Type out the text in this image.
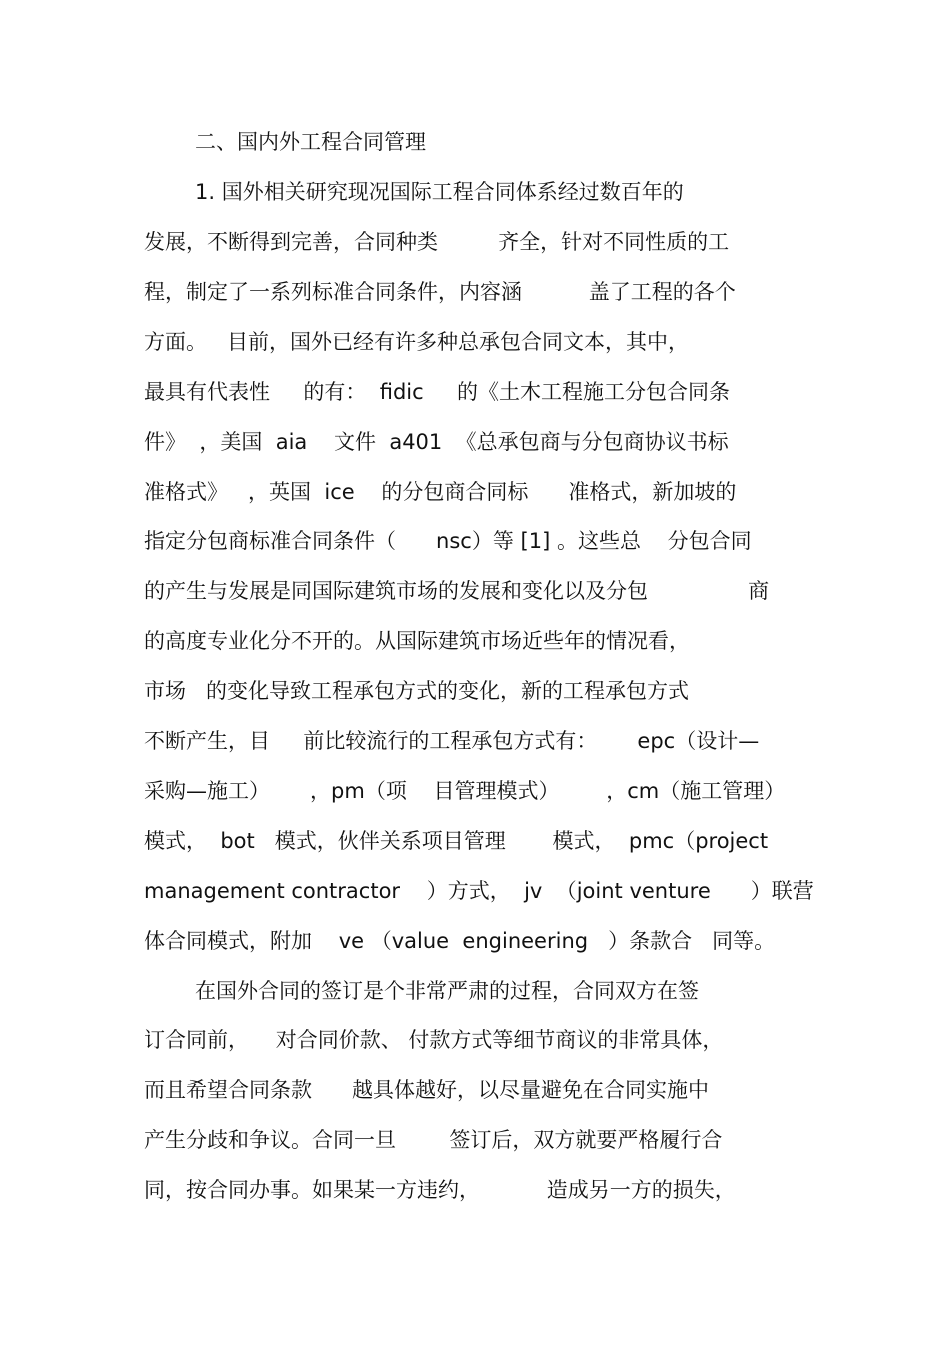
二、国内外工程合同管理
1. 国外相关研究现况国际工程合同体系经过数百年的
发展，不断得到完善，合同种类         齐全，针对不同性质的工
程，制定了一系列标准合同条件，内容涵          盖了工程的各个
方面。   目前，国外已经有许多种总承包合同文本，其中，
最具有代表性     的有：  fidic     的《土木工程施工分包合同条
件》  ，美国  aia    文件  a401  《总承包商与分包商协议书标
准格式》   ，英国  ice    的分包商合同标      准格式，新加坡的
指定分包商标准合同条件（      nsc）等 [1] 。这些总    分包合同
的产生与发展是同国际建筑市场的发展和变化以及分包               商
的高度专业化分不开的。从国际建筑市场近些年的情况看，
市场   的变化导致工程承包方式的变化，新的工程承包方式
不断产生，目     前比较流行的工程承包方式有：      epc（设计—
采购—施工）      ，pm（项    目管理模式）       ，cm（施工管理）
模式，  bot   模式，伙伴关系项目管理       模式，  pmc（project
management contractor    ）方式，  jv  （joint venture      ）联营
体合同模式，附加    ve （value  engineering   ）条款合   同等。
在国外合同的签订是个非常严肃的过程，合同双方在签
订合同前，    对合同价款、 付款方式等细节商议的非常具体，
而且希望合同条款      越具体越好，以尽量避免在合同实施中
产生分歧和争议。合同一旦        签订后，双方就要严格履行合
同，按合同办事。如果某一方违约，          造成另一方的损失，
